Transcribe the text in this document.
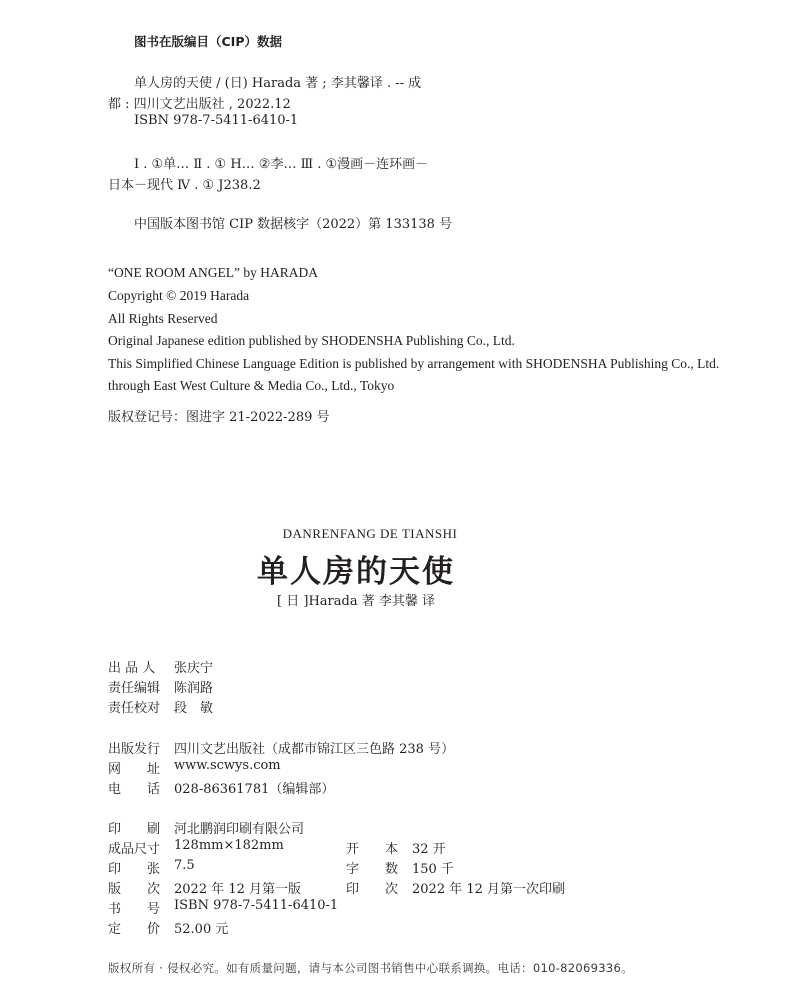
图书在版编目（CIP）数据
单人房的天使 / (日) Harada 著 ; 李其馨译 . -- 成
都 : 四川文艺出版社 , 2022.12
ISBN 978-7-5411-6410-1
Ⅰ . ①单… Ⅱ . ① H… ②李… Ⅲ . ①漫画－连环画－
日本－现代 Ⅳ . ① J238.2
中国版本图书馆 CIP 数据核字（2022）第 133138 号
“ONE ROOM ANGEL” by HARADA
Copyright © 2019 Harada
All Rights Reserved
Original Japanese edition published by SHODENSHA Publishing Co., Ltd.
This Simplified Chinese Language Edition is published by arrangement with SHODENSHA Publishing Co., Ltd.
through East West Culture & Media Co., Ltd., Tokyo
版权登记号：图进字 21-2022-289 号
DANRENFANG DE TIANSHI
单人房的天使
[ 日 ]Harada 著 李其馨 译
出 品 人 张庆宁
责任编辑 陈润路
责任校对 段　敏
出版发行 四川文艺出版社（成都市锦江区三色路 238 号）
网　　址 www.scwys.com
电　　话 028-86361781（编辑部）
印　　刷 河北鹏润印刷有限公司
成品尺寸 128mm×182mm	开　　本 32 开
印　　张 7.5	字　　数 150 千
版　　次 2022 年 12 月第一版	印　　次 2022 年 12 月第一次印刷
书　　号 ISBN 978-7-5411-6410-1
定　　价 52.00 元
版权所有 · 侵权必究。如有质量问题，请与本公司图书销售中心联系调换。电话：010-82069336。
